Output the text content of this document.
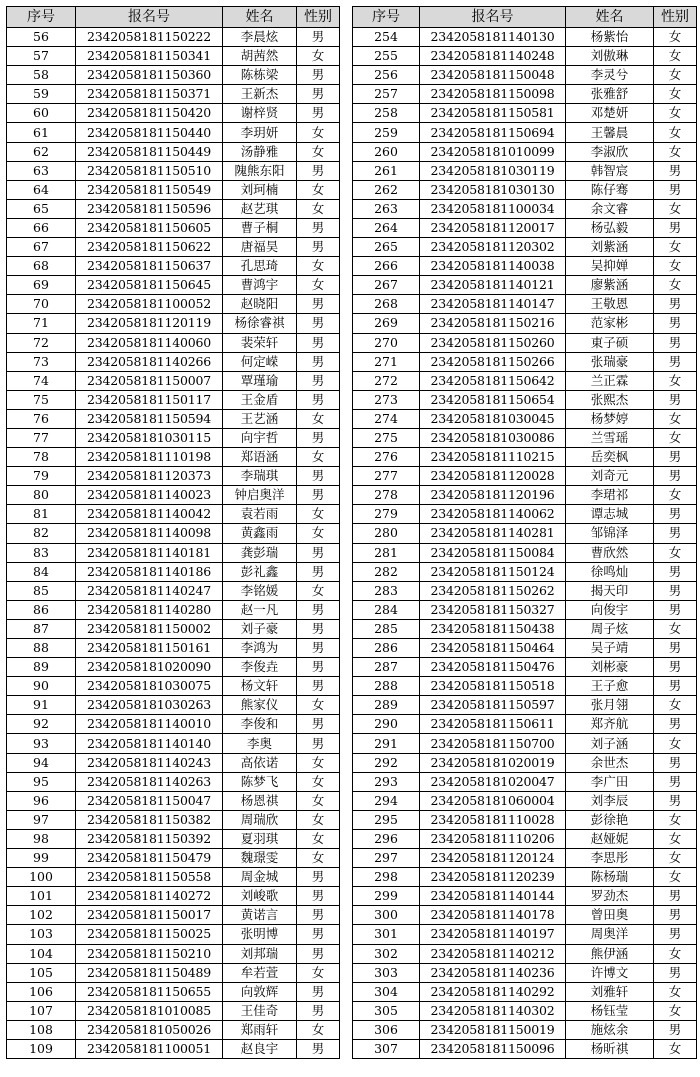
序号	报名号	姓名	性别
56	2342058181150222	李晨炫	男
57	2342058181150341	胡茜然	女
58	2342058181150360	陈栋梁	男
59	2342058181150371	王新杰	男
60	2342058181150420	谢梓贤	男
61	2342058181150440	李玥妍	女
62	2342058181150449	汤静雅	女
63	2342058181150510	隗熊东阳	男
64	2342058181150549	刘珂楠	女
65	2342058181150596	赵艺琪	女
66	2342058181150605	曹子桐	男
67	2342058181150622	唐福昊	男
68	2342058181150637	孔思琦	女
69	2342058181150645	曹鸿宇	女
70	2342058181100052	赵晓阳	男
71	2342058181120119	杨徐睿祺	男
72	2342058181140060	裴荣轩	男
73	2342058181140266	何定嵘	男
74	2342058181150007	覃瑾瑜	男
75	2342058181150117	王金盾	男
76	2342058181150594	王艺涵	女
77	2342058181030115	向宇哲	男
78	2342058181110198	郑语涵	女
79	2342058181120373	李瑞琪	男
80	2342058181140023	钟启奥洋	男
81	2342058181140042	袁若雨	女
82	2342058181140098	黄鑫雨	女
83	2342058181140181	龚彭瑞	男
84	2342058181140186	彭礼鑫	男
85	2342058181140247	李铭媛	女
86	2342058181140280	赵一凡	男
87	2342058181150002	刘子豪	男
88	2342058181150161	李鸿为	男
89	2342058181020090	李俊垚	男
90	2342058181030075	杨文轩	男
91	2342058181030263	熊家仪	女
92	2342058181140010	李俊和	男
93	2342058181140140	李奥	男
94	2342058181140243	高依诺	女
95	2342058181140263	陈梦飞	女
96	2342058181150047	杨恩祺	女
97	2342058181150382	周瑞欣	女
98	2342058181150392	夏羽琪	女
99	2342058181150479	魏璟雯	女
100	2342058181150558	周金城	男
101	2342058181140272	刘峻歌	男
102	2342058181150017	黄诺言	男
103	2342058181150025	张明博	男
104	2342058181150210	刘邦瑞	男
105	2342058181150489	牟若萱	女
106	2342058181150655	向敦辉	男
107	2342058181010085	王佳奇	男
108	2342058181050026	郑雨轩	女
109	2342058181100051	赵良宇	男
序号	报名号	姓名	性别
254	2342058181140130	杨紫怡	女
255	2342058181140248	刘傲琳	女
256	2342058181150048	李灵兮	女
257	2342058181150098	张雅舒	女
258	2342058181150581	邓楚妍	女
259	2342058181150694	王馨晨	女
260	2342058181010099	李淑欣	女
261	2342058181030119	韩智宸	男
262	2342058181030130	陈仔骞	男
263	2342058181100034	余文睿	女
264	2342058181120017	杨弘毅	男
265	2342058181120302	刘紫涵	女
266	2342058181140038	吴抑婵	女
267	2342058181140121	廖紫涵	女
268	2342058181140147	王敬恩	男
269	2342058181150216	范家彬	男
270	2342058181150260	東子硕	男
271	2342058181150266	张瑞豪	男
272	2342058181150642	兰正霖	女
273	2342058181150654	张熙杰	男
274	2342058181030045	杨梦婷	女
275	2342058181030086	兰雪瑶	女
276	2342058181110215	岳奕枫	男
277	2342058181120028	刘奇元	男
278	2342058181120196	李珺祁	女
279	2342058181140062	谭志城	男
280	2342058181140281	邹锦泽	男
281	2342058181150084	曹欣然	女
282	2342058181150124	徐鸣灿	男
283	2342058181150262	揭天印	男
284	2342058181150327	向俊宇	男
285	2342058181150438	周子炫	女
286	2342058181150464	吴子靖	男
287	2342058181150476	刘彬豪	男
288	2342058181150518	王子愈	男
289	2342058181150597	张月翎	女
290	2342058181150611	郑齐航	男
291	2342058181150700	刘子涵	女
292	2342058181020019	余世杰	男
293	2342058181020047	李广田	男
294	2342058181060004	刘李辰	男
295	2342058181110028	彭徐艳	女
296	2342058181110206	赵娅妮	女
297	2342058181120124	李思彤	女
298	2342058181120239	陈杨瑞	女
299	2342058181140144	罗劲杰	男
300	2342058181140178	曾田奥	男
301	2342058181140197	周奥洋	男
302	2342058181140212	熊伊涵	女
303	2342058181140236	许博文	男
304	2342058181140292	刘雅轩	女
305	2342058181140302	杨钰莹	女
306	2342058181150019	施炫余	男
307	2342058181150096	杨昕祺	女
